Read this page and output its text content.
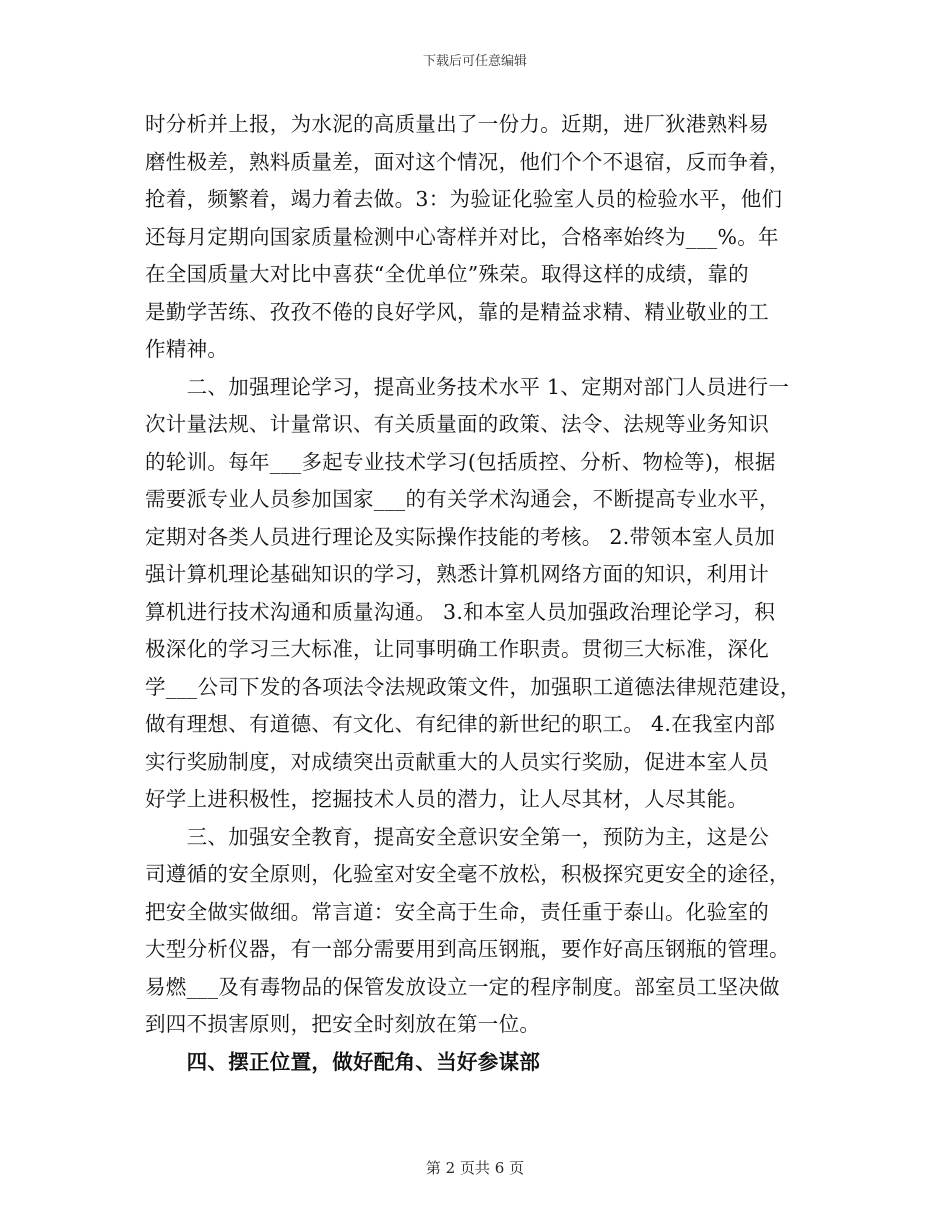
下载后可任意编辑
时分析并上报，为水泥的高质量出了一份力。近期，进厂狄港熟料易
磨性极差，熟料质量差，面对这个情况，他们个个不退宿，反而争着，
抢着，频繁着，竭力着去做。3：为验证化验室人员的检验水平，他们
还每月定期向国家质量检测中心寄样并对比，合格率始终为___%。年
在全国质量大对比中喜获“全优单位”殊荣。取得这样的成绩，靠的
是勤学苦练、孜孜不倦的良好学风，靠的是精益求精、精业敬业的工
作精神。
　　二、加强理论学习，提高业务技术水平 1、定期对部门人员进行一
次计量法规、计量常识、有关质量面的政策、法令、法规等业务知识
的轮训。每年___多起专业技术学习(包括质控、分析、物检等)，根据
需要派专业人员参加国家___的有关学术沟通会，不断提高专业水平，
定期对各类人员进行理论及实际操作技能的考核。 2.带领本室人员加
强计算机理论基础知识的学习，熟悉计算机网络方面的知识，利用计
算机进行技术沟通和质量沟通。 3.和本室人员加强政治理论学习，积
极深化的学习三大标准，让同事明确工作职责。贯彻三大标准，深化
学___公司下发的各项法令法规政策文件，加强职工道德法律规范建设，
做有理想、有道德、有文化、有纪律的新世纪的职工。 4.在我室内部
实行奖励制度，对成绩突出贡献重大的人员实行奖励，促进本室人员
好学上进积极性，挖掘技术人员的潜力，让人尽其材，人尽其能。
　　三、加强安全教育，提高安全意识安全第一，预防为主，这是公
司遵循的安全原则，化验室对安全毫不放松，积极探究更安全的途径，
把安全做实做细。常言道：安全高于生命，责任重于泰山。化验室的
大型分析仪器，有一部分需要用到高压钢瓶，要作好高压钢瓶的管理。
易燃___及有毒物品的保管发放设立一定的程序制度。部室员工坚决做
到四不损害原则，把安全时刻放在第一位。
　　四、摆正位置，做好配角、当好参谋部
第 2 页共 6 页
